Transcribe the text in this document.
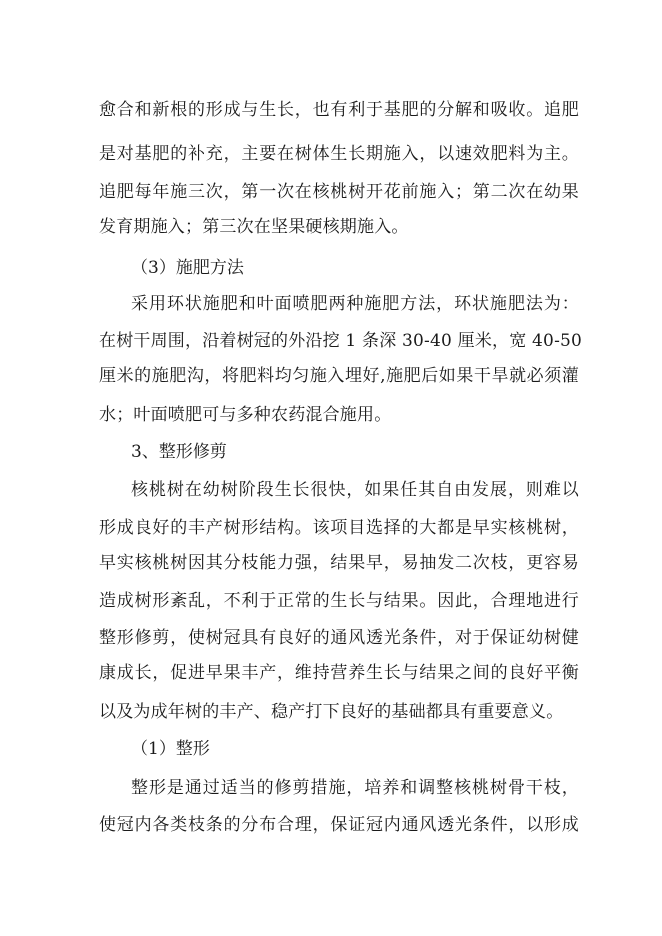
愈合和新根的形成与生长，也有利于基肥的分解和吸收。追肥
是对基肥的补充，主要在树体生长期施入，以速效肥料为主。
追肥每年施三次，第一次在核桃树开花前施入；第二次在幼果
发育期施入；第三次在坚果硬核期施入。
（3）施肥方法
采用环状施肥和叶面喷肥两种施肥方法，环状施肥法为：
在树干周围，沿着树冠的外沿挖 1 条深 30-40 厘米，宽 40-50
厘米的施肥沟，将肥料均匀施入埋好,施肥后如果干旱就必须灌
水；叶面喷肥可与多种农药混合施用。
3、整形修剪
核桃树在幼树阶段生长很快，如果任其自由发展，则难以
形成良好的丰产树形结构。该项目选择的大都是早实核桃树，
早实核桃树因其分枝能力强，结果早，易抽发二次枝，更容易
造成树形紊乱，不利于正常的生长与结果。因此，合理地进行
整形修剪，使树冠具有良好的通风透光条件，对于保证幼树健
康成长，促进早果丰产，维持营养生长与结果之间的良好平衡
以及为成年树的丰产、稳产打下良好的基础都具有重要意义。
（1）整形
整形是通过适当的修剪措施，培养和调整核桃树骨干枝，
使冠内各类枝条的分布合理，保证冠内通风透光条件，以形成
